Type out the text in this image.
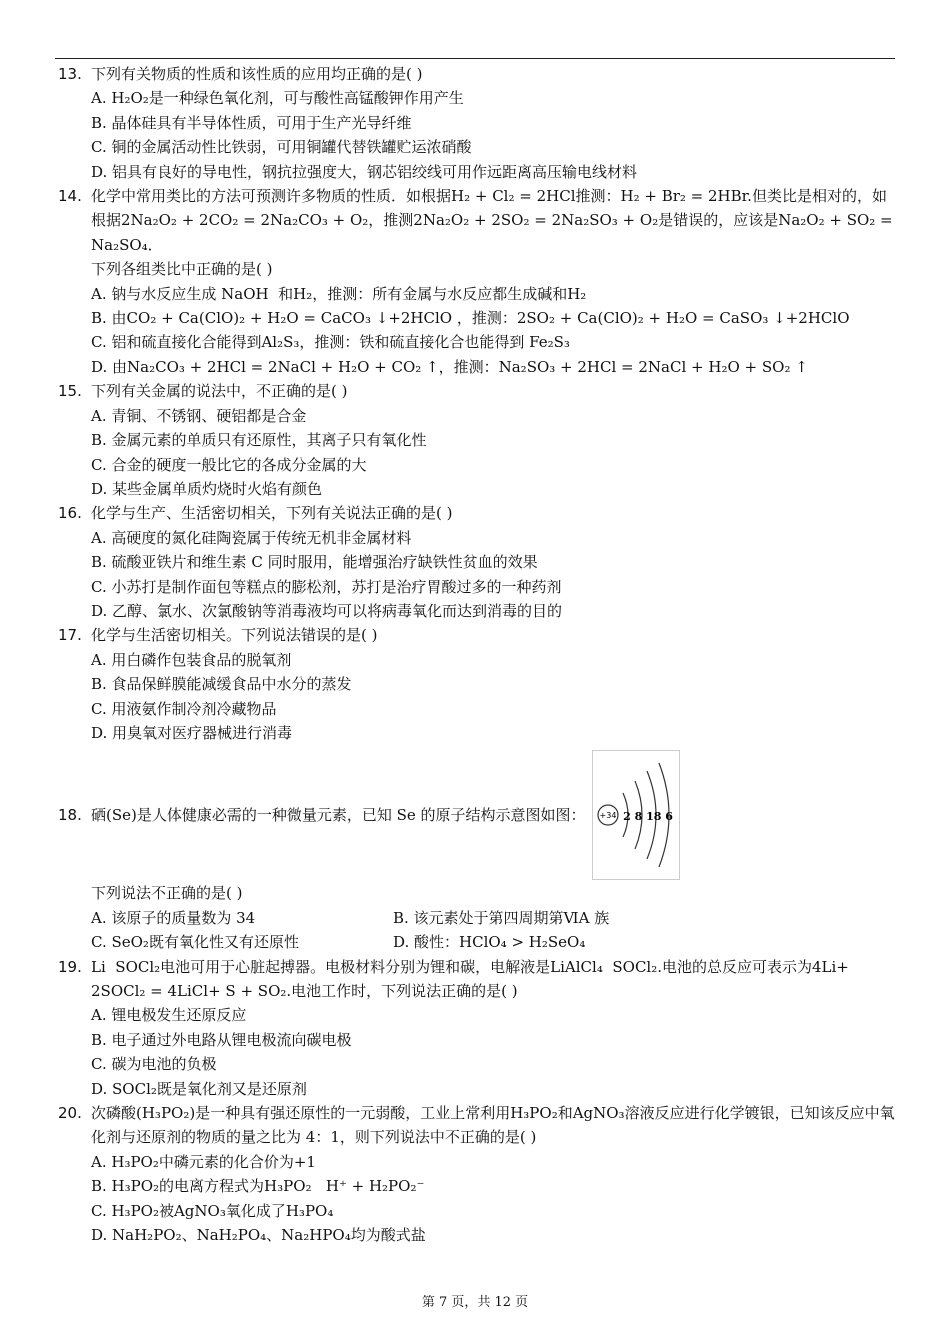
13. 下列有关物质的性质和该性质的应用均正确的是( )
A. H₂O₂是一种绿色氧化剂，可与酸性高锰酸钾作用产生
B. 晶体硅具有半导体性质，可用于生产光导纤维
C. 铜的金属活动性比铁弱，可用铜罐代替铁罐贮运浓硝酸
D. 铝具有良好的导电性，钢抗拉强度大，钢芯铝绞线可用作远距离高压输电线材料
14. 化学中常用类比的方法可预测许多物质的性质．如根据H₂ + Cl₂ = 2HCl推测：H₂ + Br₂ = 2HBr.但类比是相对的，如根据2Na₂O₂ + 2CO₂ = 2Na₂CO₃ + O₂，推测2Na₂O₂ + 2SO₂ = 2Na₂SO₃ + O₂是错误的，应该是Na₂O₂ + SO₂ = Na₂SO₄．
下列各组类比中正确的是( )
A. 钠与水反应生成 NaOH  和H₂，推测：所有金属与水反应都生成碱和H₂
B. 由CO₂ + Ca(ClO)₂ + H₂O = CaCO₃ ↓+2HClO ，推测：2SO₂ + Ca(ClO)₂ + H₂O = CaSO₃ ↓+2HClO
C. 铝和硫直接化合能得到Al₂S₃，推测：铁和硫直接化合也能得到 Fe₂S₃
D. 由Na₂CO₃ + 2HCl = 2NaCl + H₂O + CO₂ ↑，推测：Na₂SO₃ + 2HCl = 2NaCl + H₂O + SO₂ ↑
15. 下列有关金属的说法中，不正确的是( )
A. 青铜、不锈钢、硬铝都是合金
B. 金属元素的单质只有还原性，其离子只有氧化性
C. 合金的硬度一般比它的各成分金属的大
D. 某些金属单质灼烧时火焰有颜色
16. 化学与生产、生活密切相关，下列有关说法正确的是( )
A. 高硬度的氮化硅陶瓷属于传统无机非金属材料
B. 硫酸亚铁片和维生素 C 同时服用，能增强治疗缺铁性贫血的效果
C. 小苏打是制作面包等糕点的膨松剂，苏打是治疗胃酸过多的一种药剂
D. 乙醇、氯水、次氯酸钠等消毒液均可以将病毒氧化而达到消毒的目的
17. 化学与生活密切相关。下列说法错误的是( )
A. 用白磷作包装食品的脱氧剂
B. 食品保鲜膜能减缓食品中水分的蒸发
C. 用液氨作制冷剂冷藏物品
D. 用臭氧对医疗器械进行消毒
18. 硒(Se)是人体健康必需的一种微量元素，已知 Se 的原子结构示意图如图： +34 2 8 18 6
下列说法不正确的是( )
A. 该原子的质量数为 34	B. 该元素处于第四周期第ⅥA 族
C. SeO₂既有氧化性又有还原性	D. 酸性：HClO₄ > H₂SeO₄
19. Li  SOCl₂电池可用于心脏起搏器。电极材料分别为锂和碳，电解液是LiAlCl₄  SOCl₂.电池的总反应可表示为4Li+ 2SOCl₂ = 4LiCl+ S + SO₂.电池工作时，下列说法正确的是( )
A. 锂电极发生还原反应
B. 电子通过外电路从锂电极流向碳电极
C. 碳为电池的负极
D. SOCl₂既是氧化剂又是还原剂
20. 次磷酸(H₃PO₂)是一种具有强还原性的一元弱酸，工业上常利用H₃PO₂和AgNO₃溶液反应进行化学镀银，已知该反应中氧化剂与还原剂的物质的量之比为 4：1，则下列说法中不正确的是( )
A. H₃PO₂中磷元素的化合价为+1
B. H₃PO₂的电离方程式为H₃PO₂   H⁺ + H₂PO₂⁻
C. H₃PO₂被AgNO₃氧化成了H₃PO₄
D. NaH₂PO₂、NaH₂PO₄、Na₂HPO₄均为酸式盐
第 7 页，共 12 页
